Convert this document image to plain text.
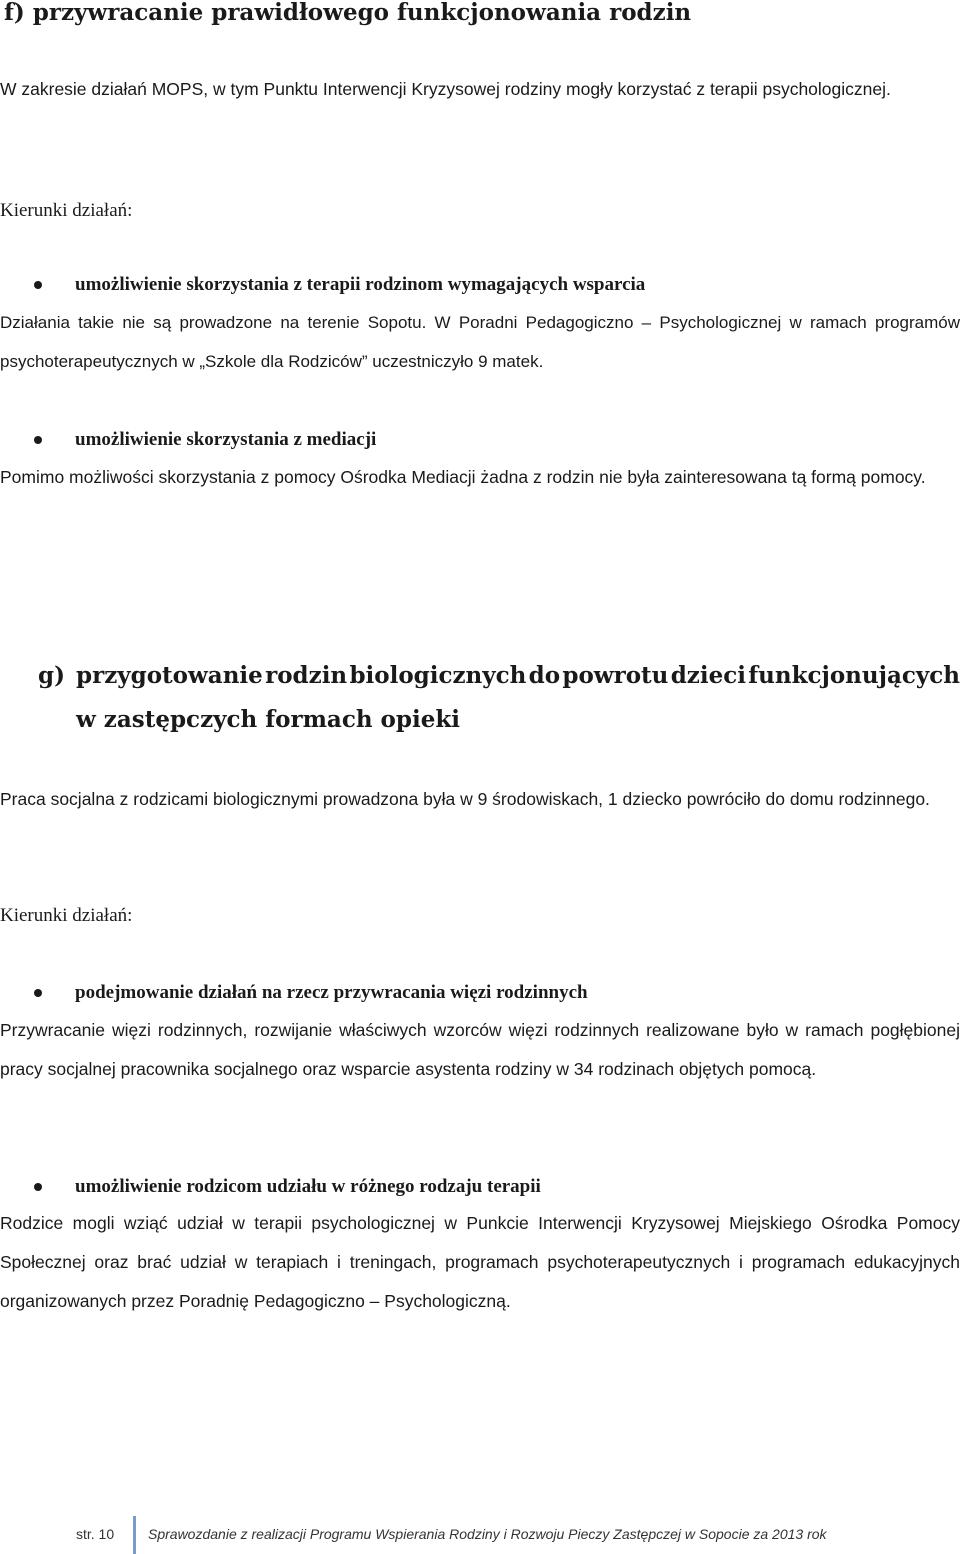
f) przywracanie prawidłowego funkcjonowania rodzin
W zakresie działań MOPS, w tym Punktu Interwencji Kryzysowej rodziny mogły korzystać z terapii psychologicznej.
Kierunki działań:
umożliwienie skorzystania z terapii rodzinom wymagających wsparcia
Działania takie nie są prowadzone na terenie Sopotu. W Poradni Pedagogiczno – Psychologicznej w ramach programów psychoterapeutycznych w „Szkole dla Rodziców” uczestniczyło 9 matek.
umożliwienie skorzystania z mediacji
Pomimo możliwości skorzystania z pomocy Ośrodka Mediacji żadna z rodzin nie była zainteresowana tą formą pomocy.
g) przygotowanie rodzin biologicznych do powrotu dzieci funkcjonujących
w zastępczych formach opieki
Praca socjalna z rodzicami biologicznymi prowadzona była w 9 środowiskach, 1 dziecko powróciło do domu rodzinnego.
Kierunki działań:
podejmowanie działań na rzecz przywracania więzi rodzinnych
Przywracanie więzi rodzinnych, rozwijanie właściwych wzorców więzi rodzinnych realizowane było w ramach pogłębionej pracy socjalnej pracownika socjalnego oraz wsparcie asystenta rodziny w 34 rodzinach objętych pomocą.
umożliwienie rodzicom udziału w różnego rodzaju terapii
Rodzice mogli wziąć udział w terapii psychologicznej w Punkcie Interwencji Kryzysowej Miejskiego Ośrodka Pomocy Społecznej oraz brać udział w terapiach i treningach, programach psychoterapeutycznych i programach edukacyjnych organizowanych przez Poradnię Pedagogiczno – Psychologiczną.
str. 10 Sprawozdanie z realizacji Programu Wspierania Rodziny i Rozwoju Pieczy Zastępczej w Sopocie za 2013 rok
